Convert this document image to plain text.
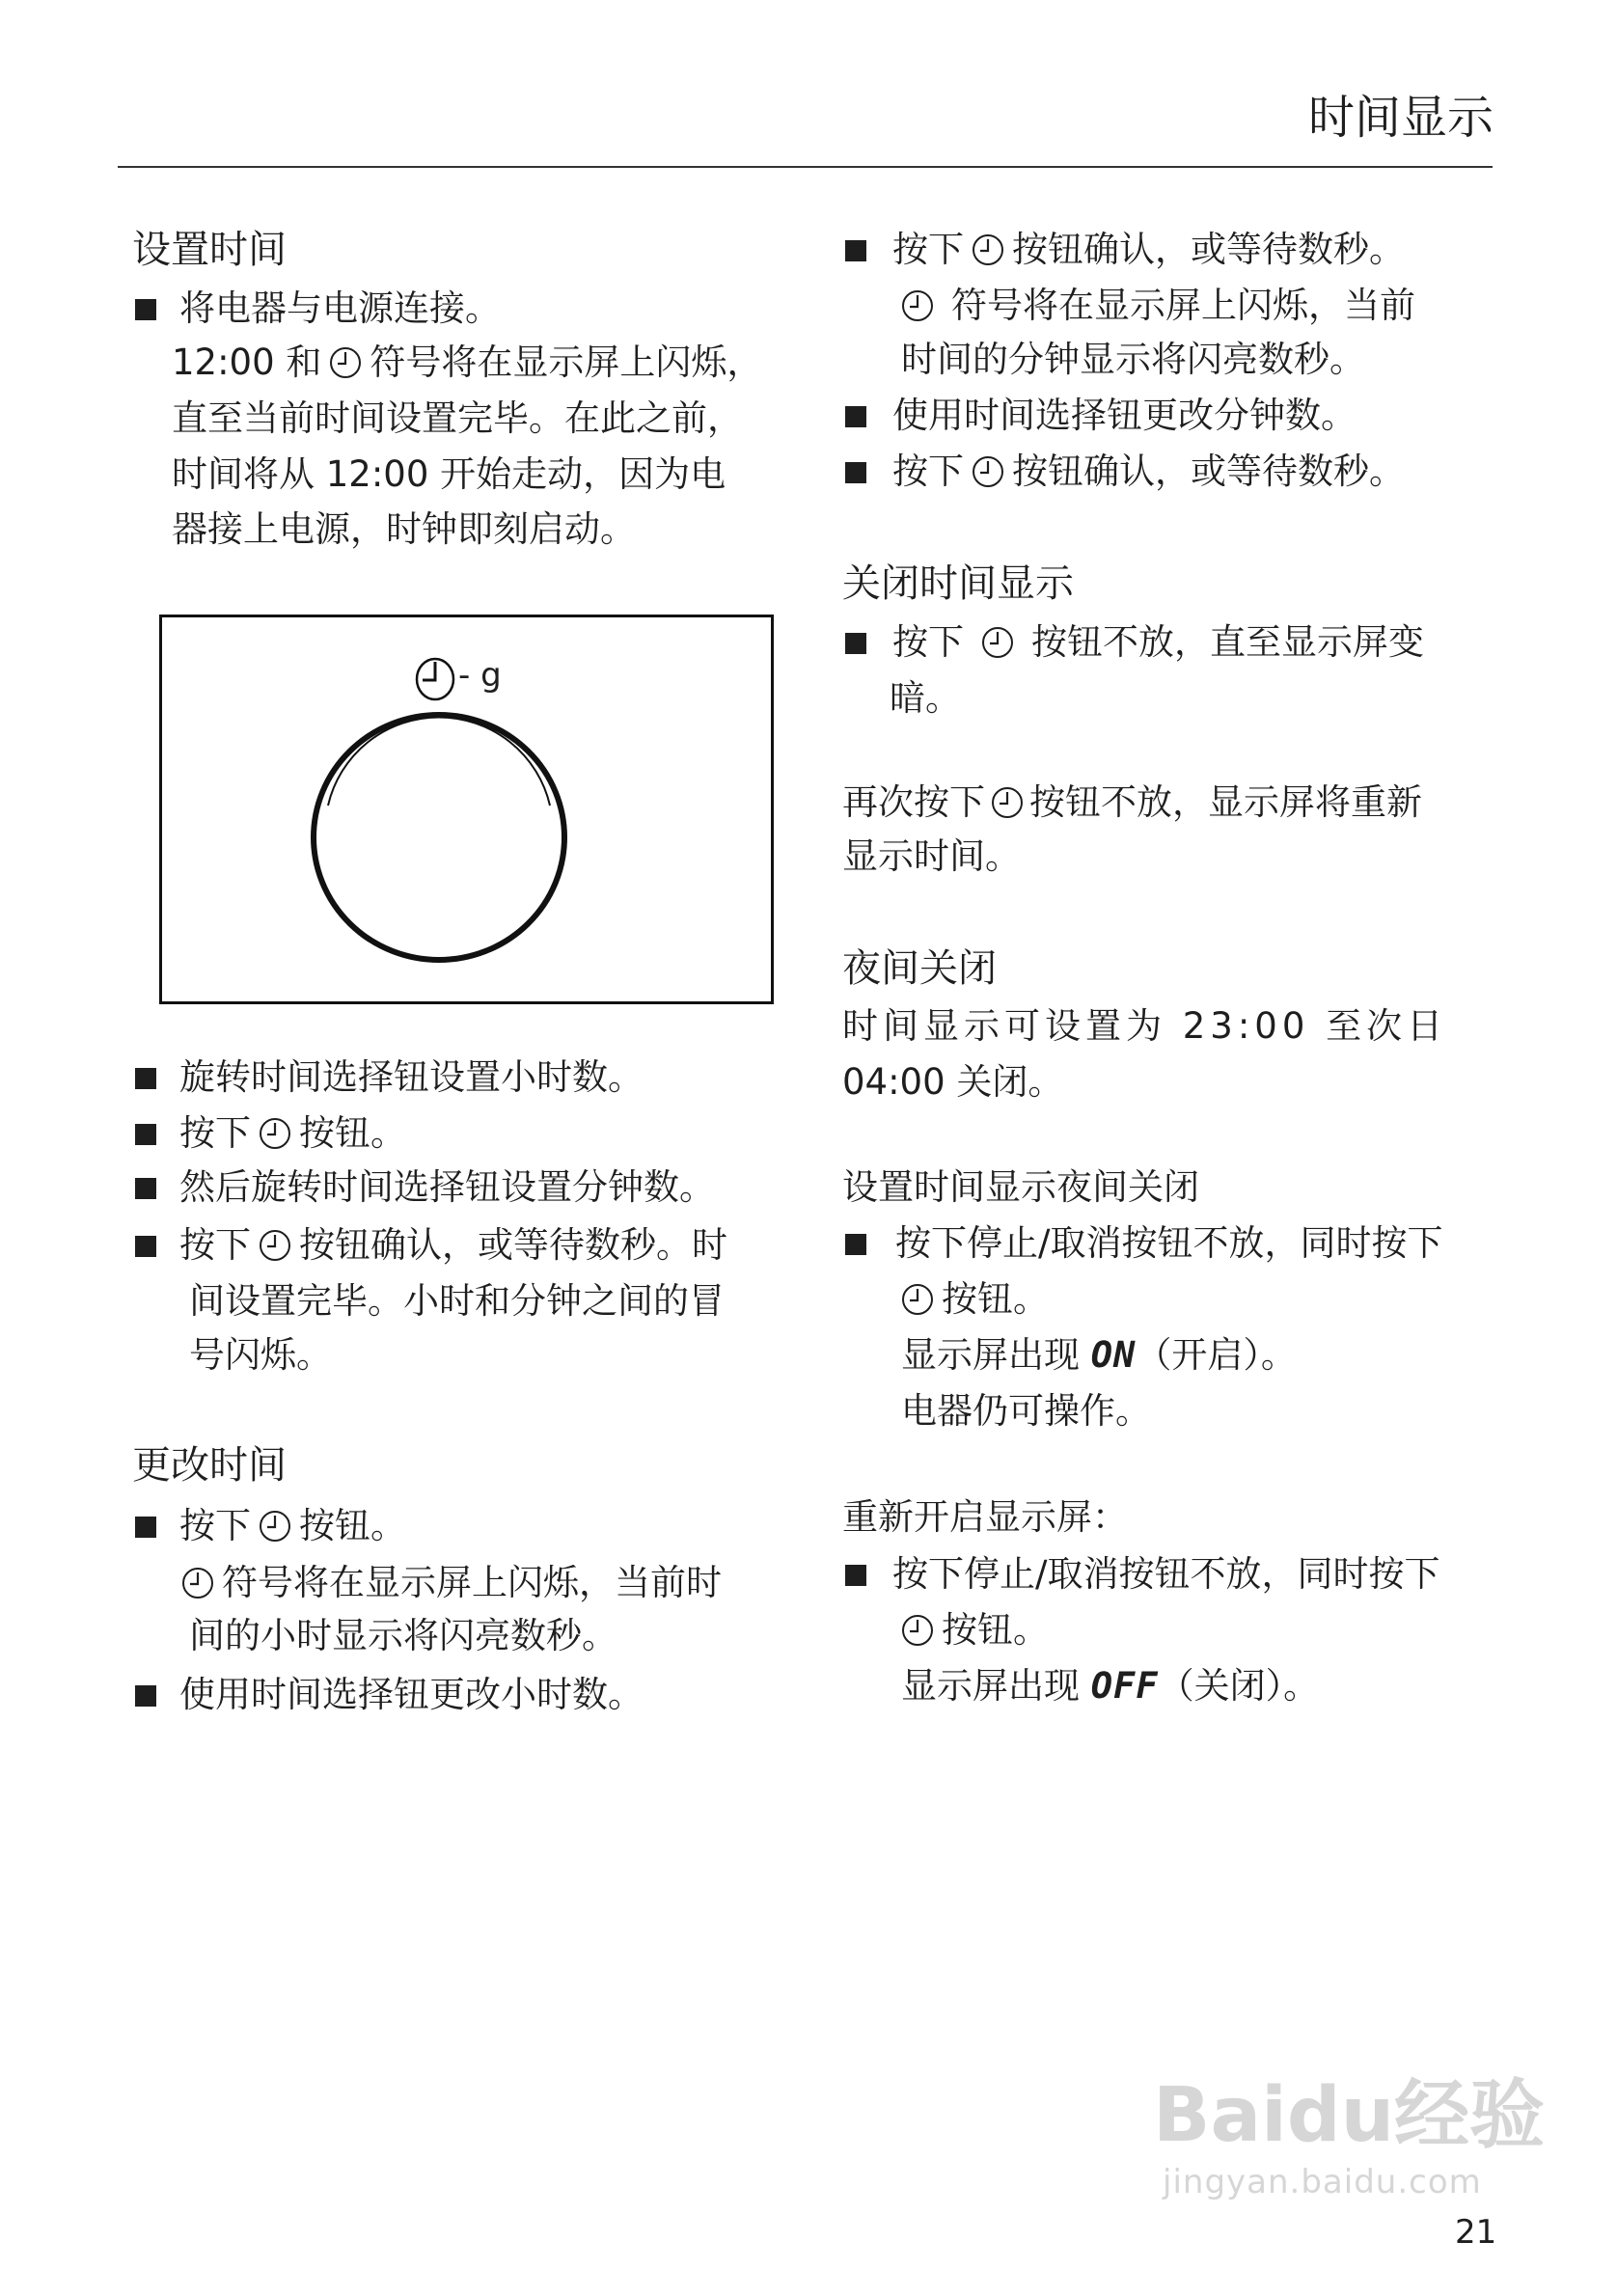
时间显示
设置时间
将电器与电源连接。
12:00 和 符号将在显示屏上闪烁，
直至当前时间设置完毕。在此之前，
时间将从 12:00 开始走动，因为电
器接上电源，时钟即刻启动。
- g
旋转时间选择钮设置小时数。
按下 按钮。
然后旋转时间选择钮设置分钟数。
按下 按钮确认，或等待数秒。时
间设置完毕。小时和分钟之间的冒
号闪烁。
更改时间
按下 按钮。
符号将在显示屏上闪烁，当前时
间的小时显示将闪亮数秒。
使用时间选择钮更改小时数。
按下 按钮确认，或等待数秒。
符号将在显示屏上闪烁，当前
时间的分钟显示将闪亮数秒。
使用时间选择钮更改分钟数。
按下 按钮确认，或等待数秒。
关闭时间显示
按下 按钮不放，直至显示屏变
暗。
再次按下 按钮不放，显示屏将重新
显示时间。
夜间关闭
时间显示可设置为 23:00 至次日
04:00 关闭。
设置时间显示夜间关闭
按下停止/取消按钮不放，同时按下
按钮。
显示屏出现 ON（开启）。
电器仍可操作。
重新开启显示屏：
按下停止/取消按钮不放，同时按下
按钮。
显示屏出现 OFF（关闭）。
Baidu经验
jingyan.baidu.com
21
